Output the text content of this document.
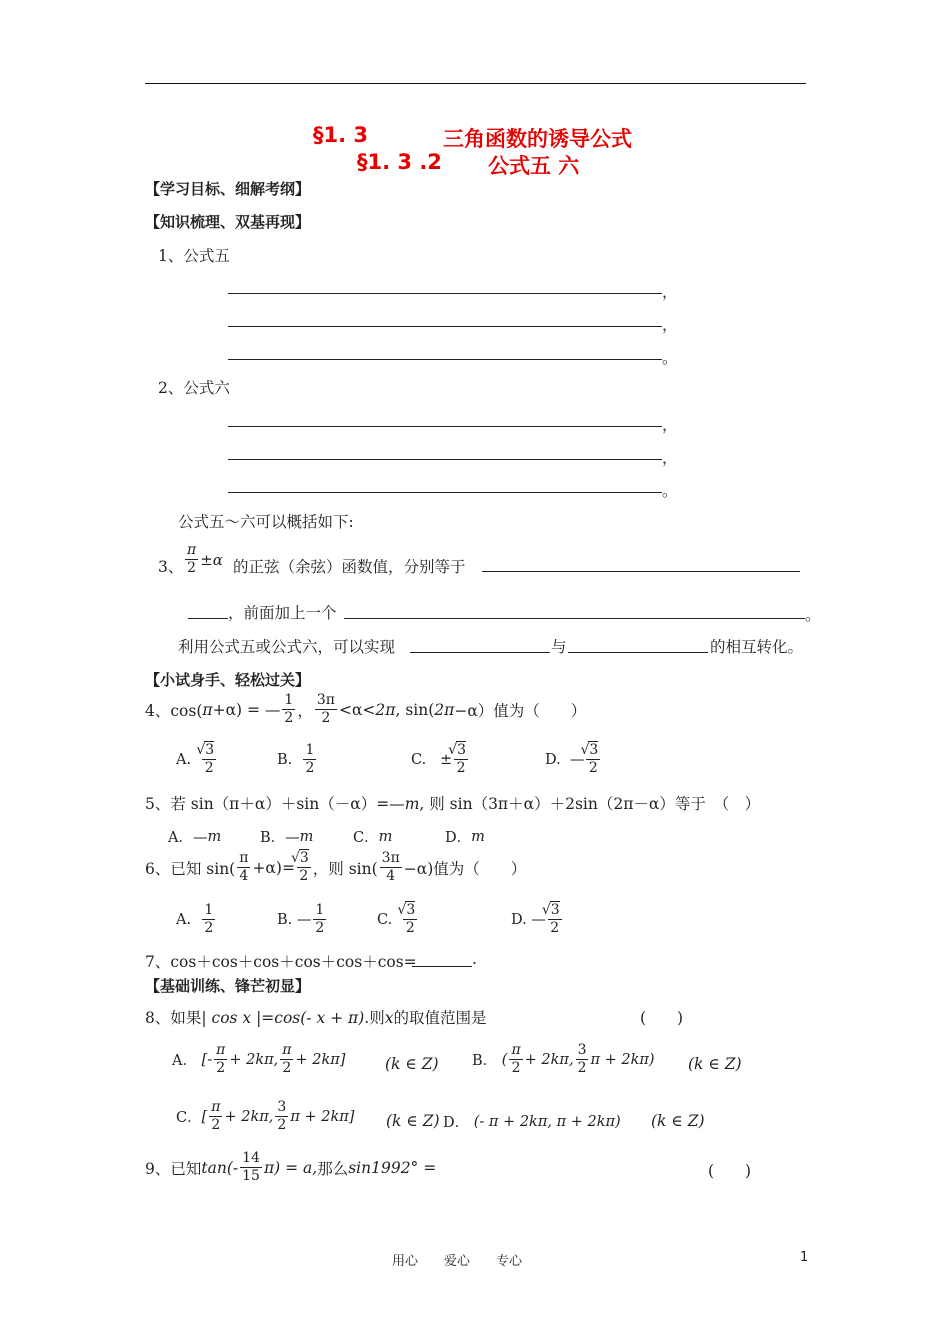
§1. 3	三角函数的诱导公式
§1. 3 .2 公式五 六
【学习目标、细解考纲】
【知识梳理、双基再现】
1、公式五
，
，
。
2、公式六
，
，
。
公式五～六可以概括如下:
3、 $\frac{\pi}{2} \pm\alpha$ 的正弦（余弦）函数值，分别等于
，前面加上一个	。
利用公式五或公式六，可以实现	与	的相互转化。
【小试身手、轻松过关】
4、cos( π +α) = — $\frac{1}{2}$ ， $\frac{3\pi}{2} <\alpha< 2\pi$ , sin( 2π −α）值为（　　）
A.
√ $\frac{3}{2}$	B.
$\frac{1}{2}$	C.
± √ $\frac{3}{2}$	D.
— √ $\frac{3}{2}$
5、若 sin（π＋α）＋sin（－α）=—m, 则 sin（3π＋α）＋2sin（2π－α）等于　（　）
A．— m	B．— m	C． m	D． m
6、已知 $\sin( \frac{\pi}{4} +\alpha)=$ √ $\frac{3}{2}$ ，则 $\sin( \frac{3\pi}{4} -\alpha)$值为（　　）
A.
$\frac{1}{2}$	B. — $\frac{1}{2}$	C.
√ $\frac{3}{2}$	D. — √ $\frac{3}{2}$
7、cos＋cos＋cos＋cos＋cos＋cos=	.
【基础训练、锋芒初显】
8、如果| cos x |=cos(- x + π).则x的取值范围是	(　　)
A．
[- $\frac{\pi}{2} + 2k\pi$, $\frac{\pi}{2} + 2k\pi$]	(k ∈ Z) B．
( $\frac{\pi}{2} + 2k\pi$, $\frac{3}{2}$ π + 2kπ) (k ∈ Z)
C． [ $\frac{\pi}{2} + 2k\pi$, $\frac{3}{2}$ π + 2kπ] (k ∈ Z) D．
(- π + 2kπ, π + 2kπ) (k ∈ Z)
9、已知 $\tan(- \frac{14}{15} \pi) = a$, 那么 sin1992° =	(　　)
用心　　爱心　　专心	1
